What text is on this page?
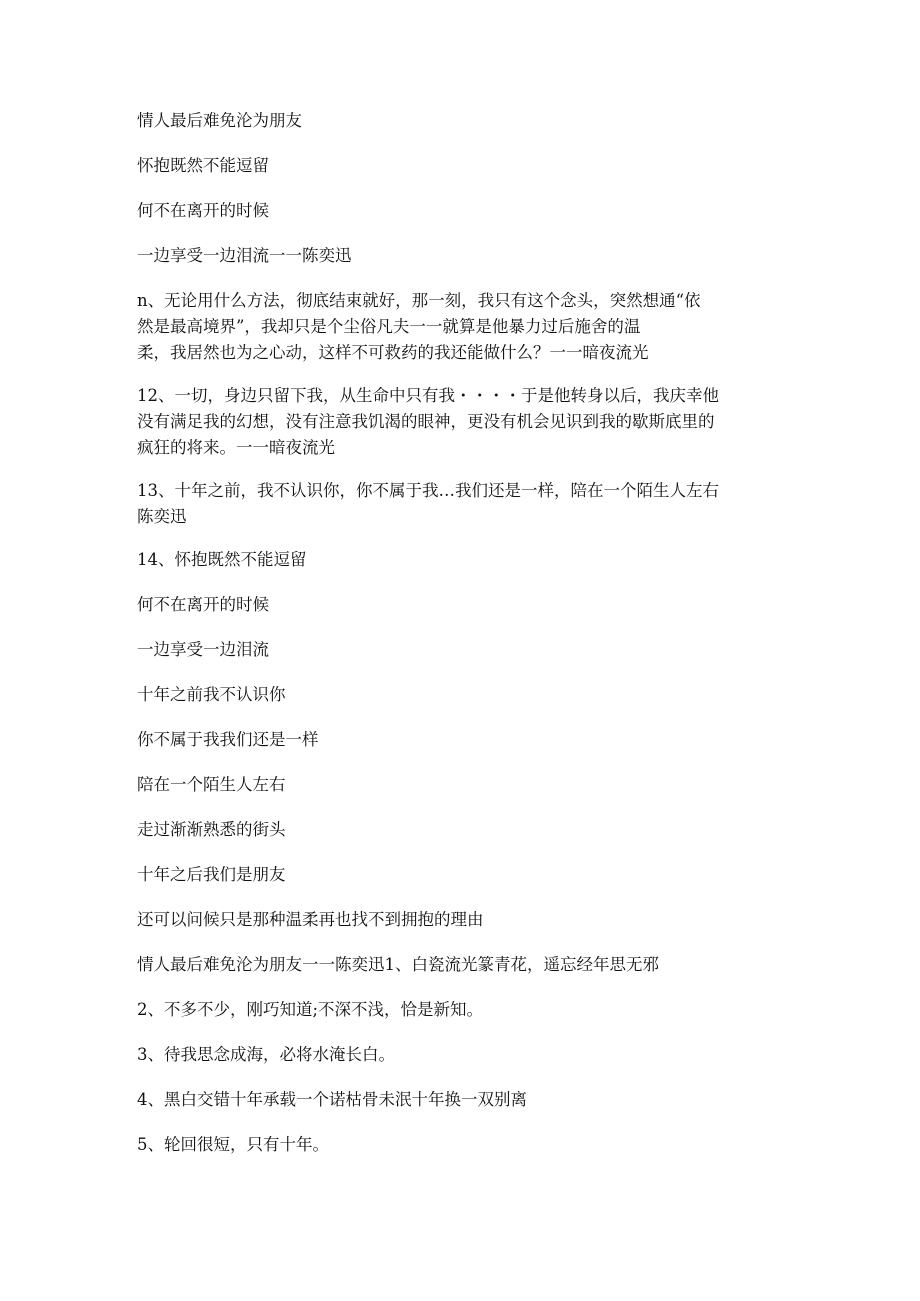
情人最后难免沦为朋友

怀抱既然不能逗留

何不在离开的时候

一边享受一边泪流一一陈奕迅

n、无论用什么方法，彻底结束就好，那一刻，我只有这个念头，突然想通“依
然是最高境界”，我却只是个尘俗凡夫一一就算是他暴力过后施舍的温
柔，我居然也为之心动，这样不可救药的我还能做什么？一一暗夜流光

12、一切，身边只留下我，从生命中只有我・・・・于是他转身以后，我庆幸他
没有满足我的幻想，没有注意我饥渴的眼神，更没有机会见识到我的歇斯底里的
疯狂的将来。一一暗夜流光

13、十年之前，我不认识你，你不属于我…我们还是一样，陪在一个陌生人左右
陈奕迅

14、怀抱既然不能逗留

何不在离开的时候

一边享受一边泪流

十年之前我不认识你

你不属于我我们还是一样

陪在一个陌生人左右

走过渐渐熟悉的街头

十年之后我们是朋友

还可以问候只是那种温柔再也找不到拥抱的理由

情人最后难免沦为朋友一一陈奕迅1、白瓷流光篆青花，遥忘经年思无邪

2、不多不少，刚巧知道;不深不浅，恰是新知。

3、待我思念成海，必将水淹长白。

4、黑白交错十年承载一个诺枯骨未泯十年换一双别离

5、轮回很短，只有十年。
